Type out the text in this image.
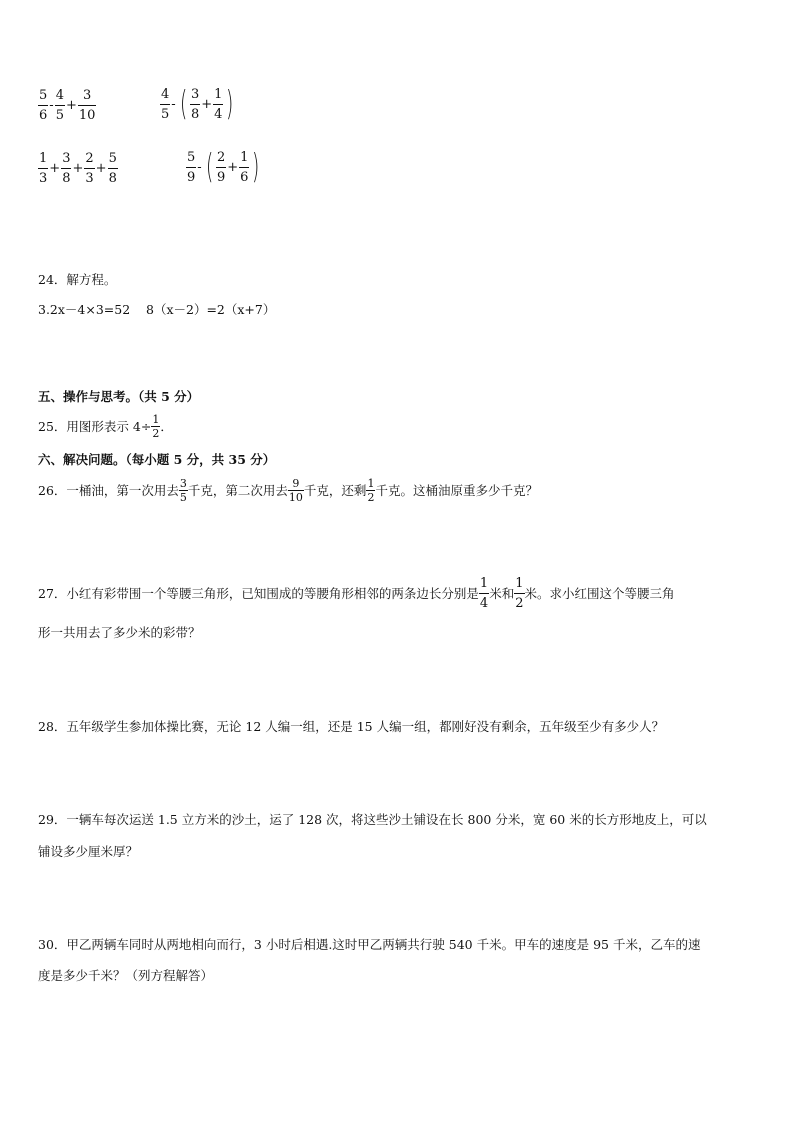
$\frac{5}{6} - \frac{4}{5} + \frac{3}{10}$	$\frac{4}{5}$ - ( $\frac{3}{8} + \frac{1}{4}$ )
$\frac{1}{3} + \frac{3}{8} + \frac{2}{3} + \frac{5}{8}$	$\frac{5}{9}$ - ( $\frac{2}{9} + \frac{1}{6}$ )
24．解方程。
3.2x－4×3=52 8（x－2）=2（x+7）
五、操作与思考。（共 5 分）
25．用图形表示 $4\div \frac{1}{2}$ ．
六、解决问题。（每小题 5 分，共 35 分）
26．一桶油，第一次用去 $\frac{3}{5}$ 千克，第二次用去 $\frac{9}{10}$ 千克，还剩 $\frac{1}{2}$ 千克。这桶油原重多少千克？
27．小红有彩带围一个等腰三角形，已知围成的等腰角形相邻的两条边长分别是 $\frac{1}{4}$ 米和 $\frac{1}{2}$ 米。求小红围这个等腰三角
形一共用去了多少米的彩带？
28．五年级学生参加体操比赛，无论 12 人编一组，还是 15 人编一组，都刚好没有剩余，五年级至少有多少人？
29．一辆车每次运送 1.5 立方米的沙土，运了 128 次，将这些沙土铺设在长 800 分米，宽 60 米的长方形地皮上，可以
铺设多少厘米厚？
30．甲乙两辆车同时从两地相向而行，3 小时后相遇.这时甲乙两辆共行驶 540 千米。甲车的速度是 95 千米，乙车的速
度是多少千米？（列方程解答）
